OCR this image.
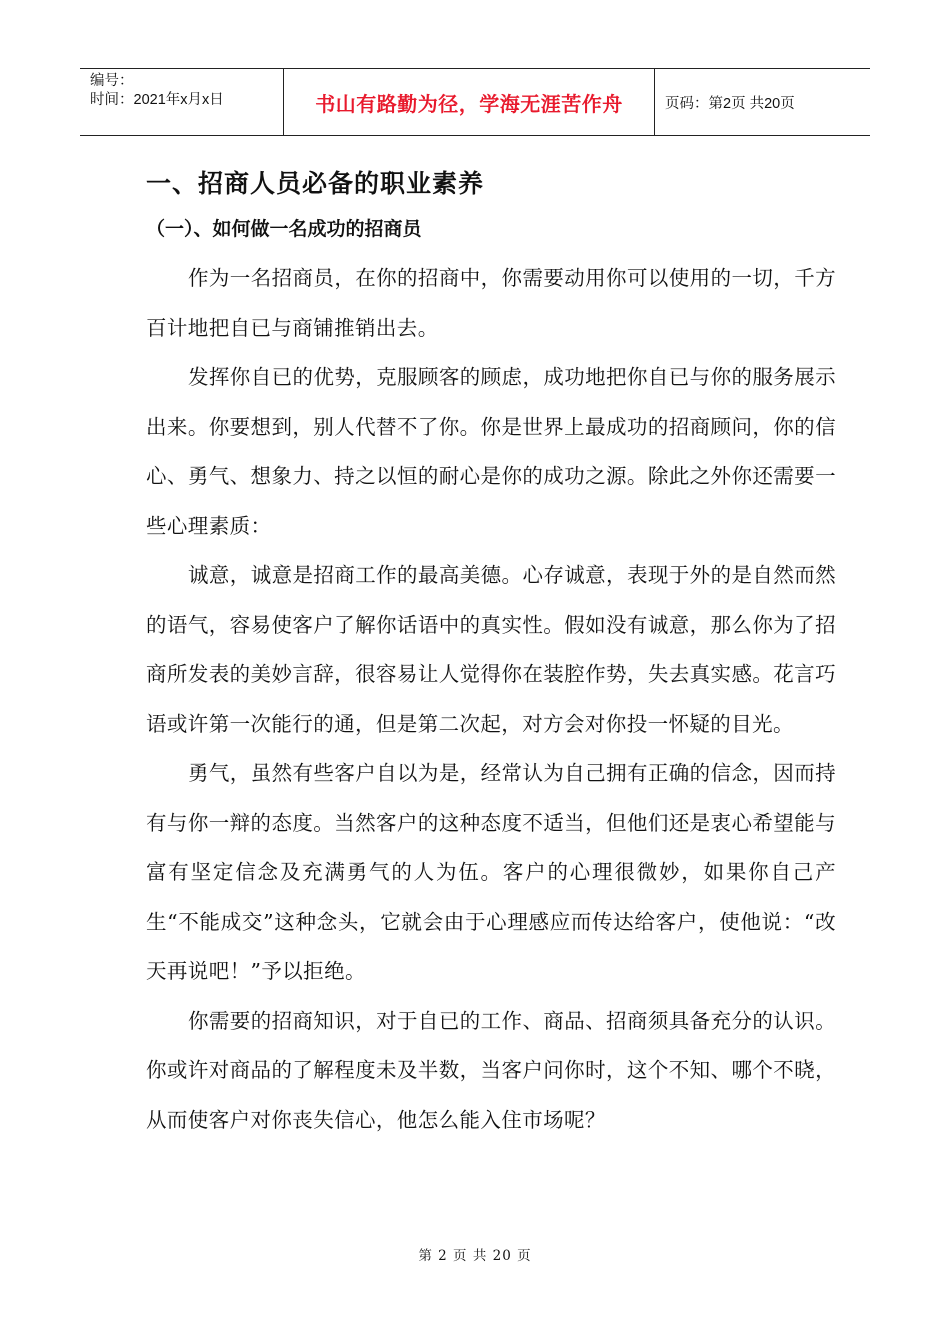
编号：
时间：2021年x月x日	书山有路勤为径，学海无涯苦作舟	页码：第2页 共20页
一、招商人员必备的职业素养
（一）、如何做一名成功的招商员

作为一名招商员，在你的招商中，你需要动用你可以使用的一切，千方百计地把自已与商铺推销出去。

发挥你自已的优势，克服顾客的顾虑，成功地把你自已与你的服务展示出来。你要想到，别人代替不了你。你是世界上最成功的招商顾问，你的信心、勇气、想象力、持之以恒的耐心是你的成功之源。除此之外你还需要一些心理素质：

诚意，诚意是招商工作的最高美德。心存诚意，表现于外的是自然而然的语气，容易使客户了解你话语中的真实性。假如没有诚意，那么你为了招商所发表的美妙言辞，很容易让人觉得你在装腔作势，失去真实感。花言巧语或许第一次能行的通，但是第二次起，对方会对你投一怀疑的目光。

勇气，虽然有些客户自以为是，经常认为自己拥有正确的信念，因而持有与你一辩的态度。当然客户的这种态度不适当，但他们还是衷心希望能与富有坚定信念及充满勇气的人为伍。客户的心理很微妙，如果你自己产生“不能成交”这种念头，它就会由于心理感应而传达给客户，使他说：“改天再说吧！”予以拒绝。

你需要的招商知识，对于自已的工作、商品、招商须具备充分的认识。你或许对商品的了解程度未及半数，当客户问你时，这个不知、哪个不晓，从而使客户对你丧失信心，他怎么能入住市场呢？

第 2 页 共 20 页
